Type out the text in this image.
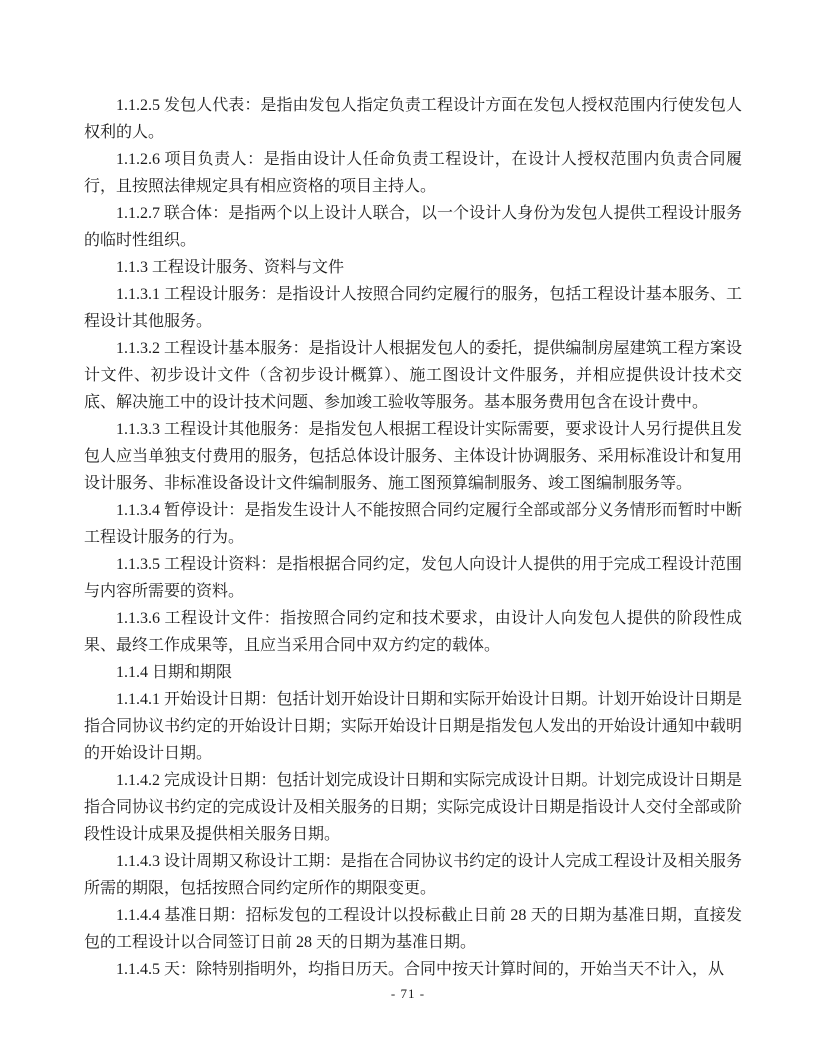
1.1.2.5 发包人代表：是指由发包人指定负责工程设计方面在发包人授权范围内行使发包人权利的人。

1.1.2.6 项目负责人：是指由设计人任命负责工程设计，在设计人授权范围内负责合同履行，且按照法律规定具有相应资格的项目主持人。

1.1.2.7 联合体：是指两个以上设计人联合，以一个设计人身份为发包人提供工程设计服务的临时性组织。

1.1.3 工程设计服务、资料与文件

1.1.3.1 工程设计服务：是指设计人按照合同约定履行的服务，包括工程设计基本服务、工程设计其他服务。

1.1.3.2 工程设计基本服务：是指设计人根据发包人的委托，提供编制房屋建筑工程方案设计文件、初步设计文件（含初步设计概算）、施工图设计文件服务，并相应提供设计技术交底、解决施工中的设计技术问题、参加竣工验收等服务。基本服务费用包含在设计费中。

1.1.3.3 工程设计其他服务：是指发包人根据工程设计实际需要，要求设计人另行提供且发包人应当单独支付费用的服务，包括总体设计服务、主体设计协调服务、采用标准设计和复用设计服务、非标准设备设计文件编制服务、施工图预算编制服务、竣工图编制服务等。

1.1.3.4 暂停设计：是指发生设计人不能按照合同约定履行全部或部分义务情形而暂时中断工程设计服务的行为。

1.1.3.5 工程设计资料：是指根据合同约定，发包人向设计人提供的用于完成工程设计范围与内容所需要的资料。

1.1.3.6 工程设计文件：指按照合同约定和技术要求，由设计人向发包人提供的阶段性成果、最终工作成果等，且应当采用合同中双方约定的载体。

1.1.4 日期和期限

1.1.4.1 开始设计日期：包括计划开始设计日期和实际开始设计日期。计划开始设计日期是指合同协议书约定的开始设计日期；实际开始设计日期是指发包人发出的开始设计通知中载明的开始设计日期。

1.1.4.2 完成设计日期：包括计划完成设计日期和实际完成设计日期。计划完成设计日期是指合同协议书约定的完成设计及相关服务的日期；实际完成设计日期是指设计人交付全部或阶段性设计成果及提供相关服务日期。

1.1.4.3 设计周期又称设计工期：是指在合同协议书约定的设计人完成工程设计及相关服务所需的期限，包括按照合同约定所作的期限变更。

1.1.4.4 基准日期：招标发包的工程设计以投标截止日前 28 天的日期为基准日期，直接发包的工程设计以合同签订日前 28 天的日期为基准日期。

1.1.4.5 天：除特别指明外，均指日历天。合同中按天计算时间的，开始当天不计入，从

- 71 -
